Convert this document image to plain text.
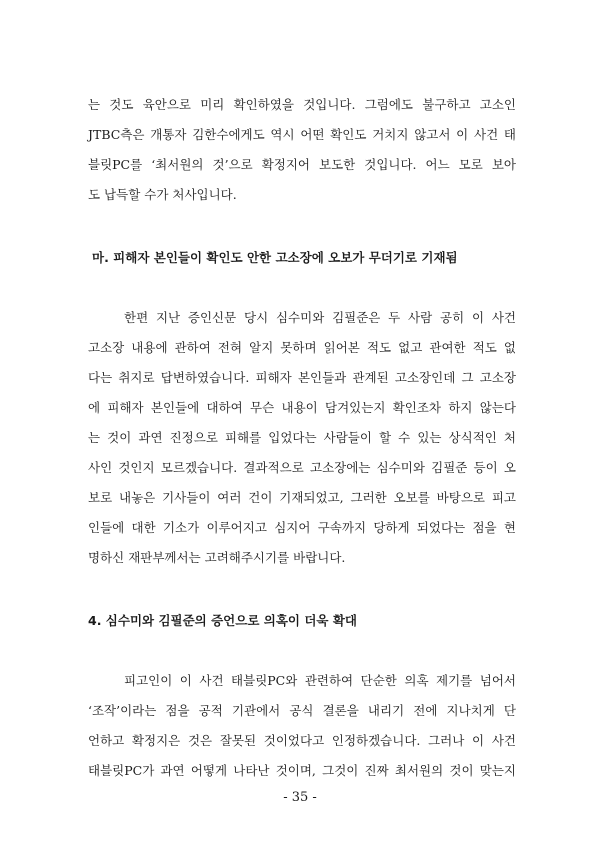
는 것도 육안으로 미리 확인하였을 것입니다. 그럼에도 불구하고 고소인
JTBC측은 개통자 김한수에게도 역시 어떤 확인도 거치지 않고서 이 사건 태
블릿PC를 ‘최서원의 것’으로 확정지어 보도한 것입니다. 어느 모로 보아
도 납득할 수가 처사입니다.
마. 피해자 본인들이 확인도 안한 고소장에 오보가 무더기로 기재됨
한편 지난 증인신문 당시 심수미와 김필준은 두 사람 공히 이 사건
고소장 내용에 관하여 전혀 알지 못하며 읽어본 적도 없고 관여한 적도 없
다는 취지로 답변하였습니다. 피해자 본인들과 관계된 고소장인데 그 고소장
에 피해자 본인들에 대하여 무슨 내용이 담겨있는지 확인조차 하지 않는다
는 것이 과연 진정으로 피해를 입었다는 사람들이 할 수 있는 상식적인 처
사인 것인지 모르겠습니다. 결과적으로 고소장에는 심수미와 김필준 등이 오
보로 내놓은 기사들이 여러 건이 기재되었고, 그러한 오보를 바탕으로 피고
인들에 대한 기소가 이루어지고 심지어 구속까지 당하게 되었다는 점을 현
명하신 재판부께서는 고려해주시기를 바랍니다.
4. 심수미와 김필준의 증언으로 의혹이 더욱 확대
피고인이 이 사건 태블릿PC와 관련하여 단순한 의혹 제기를 넘어서
‘조작’이라는 점을 공적 기관에서 공식 결론을 내리기 전에 지나치게 단
언하고 확정지은 것은 잘못된 것이었다고 인정하겠습니다. 그러나 이 사건
태블릿PC가 과연 어떻게 나타난 것이며, 그것이 진짜 최서원의 것이 맞는지
- 35 -
